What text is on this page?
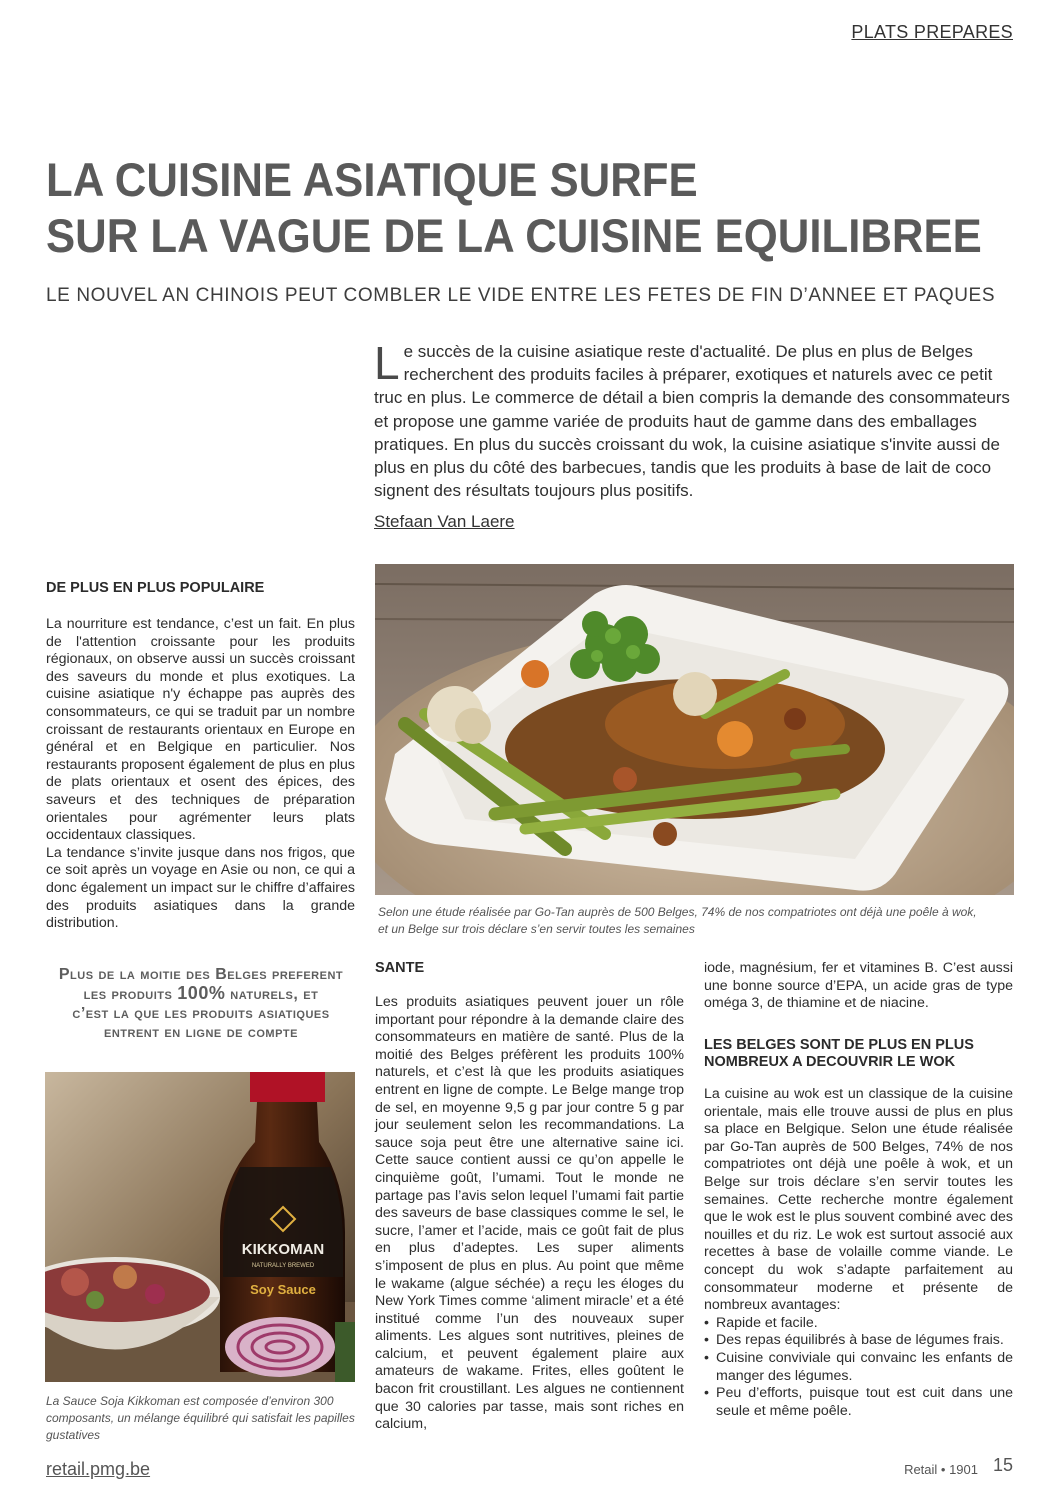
PLATS PREPARES
LA CUISINE ASIATIQUE SURFE
SUR LA VAGUE DE LA CUISINE EQUILIBREE
LE NOUVEL AN CHINOIS PEUT COMBLER LE VIDE ENTRE LES FETES DE FIN D’ANNEE ET PAQUES
Le succès de la cuisine asiatique reste d'actualité. De plus en plus de Belges recherchent des produits faciles à préparer, exotiques et naturels avec ce petit truc en plus. Le commerce de détail a bien compris la demande des consommateurs et propose une gamme variée de produits haut de gamme dans des emballages pratiques. En plus du succès croissant du wok, la cuisine asiatique s'invite aussi de plus en plus du côté des barbecues, tandis que les produits à base de lait de coco signent des résultats toujours plus positifs.
Stefaan Van Laere
DE PLUS EN PLUS POPULAIRE

La nourriture est tendance, c’est un fait. En plus de l'attention croissante pour les produits régionaux, on observe aussi un succès croissant des saveurs du monde et plus exotiques. La cuisine asiatique n'y échappe pas auprès des consommateurs, ce qui se traduit par un nombre croissant de restaurants orientaux en Europe en général et en Belgique en particulier. Nos restaurants proposent également de plus en plus de plats orientaux et osent des épices, des saveurs et des techniques de préparation orientales pour agrémenter leurs plats occidentaux classiques.

La tendance s’invite jusque dans nos frigos, que ce soit après un voyage en Asie ou non, ce qui a donc également un impact sur le chiffre d’affaires des produits asiatiques dans la grande distribution.

Plus de la moitie des Belges preferent
les produits 100% naturels, et
c’est la que les produits asiatiques
entrent en ligne de compte
KIKKOMAN
NATURALLY BREWED
Soy Sauce
La Sauce Soja Kikkoman est composée d’environ 300 composants, un mélange équilibré qui satisfait les papilles gustatives
Selon une étude réalisée par Go-Tan auprès de 500 Belges, 74% de nos compatriotes ont déjà une poêle à wok, et un Belge sur trois déclare s’en servir toutes les semaines
SANTE
Les produits asiatiques peuvent jouer un rôle important pour répondre à la demande claire des consommateurs en matière de santé. Plus de la moitié des Belges préfèrent les produits 100% naturels, et c’est là que les produits asiatiques entrent en ligne de compte. Le Belge mange trop de sel, en moyenne 9,5 g par jour contre 5 g par jour seulement selon les recommandations. La sauce soja peut être une alternative saine ici. Cette sauce contient aussi ce qu’on appelle le cinquième goût, l’umami. Tout le monde ne partage pas l’avis selon lequel l’umami fait partie des saveurs de base classiques comme le sel, le sucre, l’amer et l’acide, mais ce goût fait de plus en plus d’adeptes. Les super aliments s’imposent de plus en plus. Au point que même le wakame (algue séchée) a reçu les éloges du New York Times comme ‘aliment miracle’ et a été institué comme l’un des nouveaux super aliments. Les algues sont nutritives, pleines de calcium, et peuvent également plaire aux amateurs de wakame. Frites, elles goûtent le bacon frit croustillant. Les algues ne contiennent que 30 calories par tasse, mais sont riches en calcium,
iode, magnésium, fer et vitamines B. C’est aussi une bonne source d’EPA, un acide gras de type oméga 3, de thiamine et de niacine.
LES BELGES SONT DE PLUS EN PLUS NOMBREUX A DECOUVRIR LE WOK

La cuisine au wok est un classique de la cuisine orientale, mais elle trouve aussi de plus en plus sa place en Belgique. Selon une étude réalisée par Go-Tan auprès de 500 Belges, 74% de nos compatriotes ont déjà une poêle à wok, et un Belge sur trois déclare s’en servir toutes les semaines. Cette recherche montre également que le wok est le plus souvent combiné avec des nouilles et du riz. Le wok est surtout associé aux recettes à base de volaille comme viande. Le concept du wok s’adapte parfaitement au consommateur moderne et présente de nombreux avantages:

• Rapide et facile.
• Des repas équilibrés à base de légumes frais.
• Cuisine conviviale qui convainc les enfants de manger des légumes.
• Peu d’efforts, puisque tout est cuit dans une seule et même poêle.
retail.pmg.be	Retail • 1901 15
